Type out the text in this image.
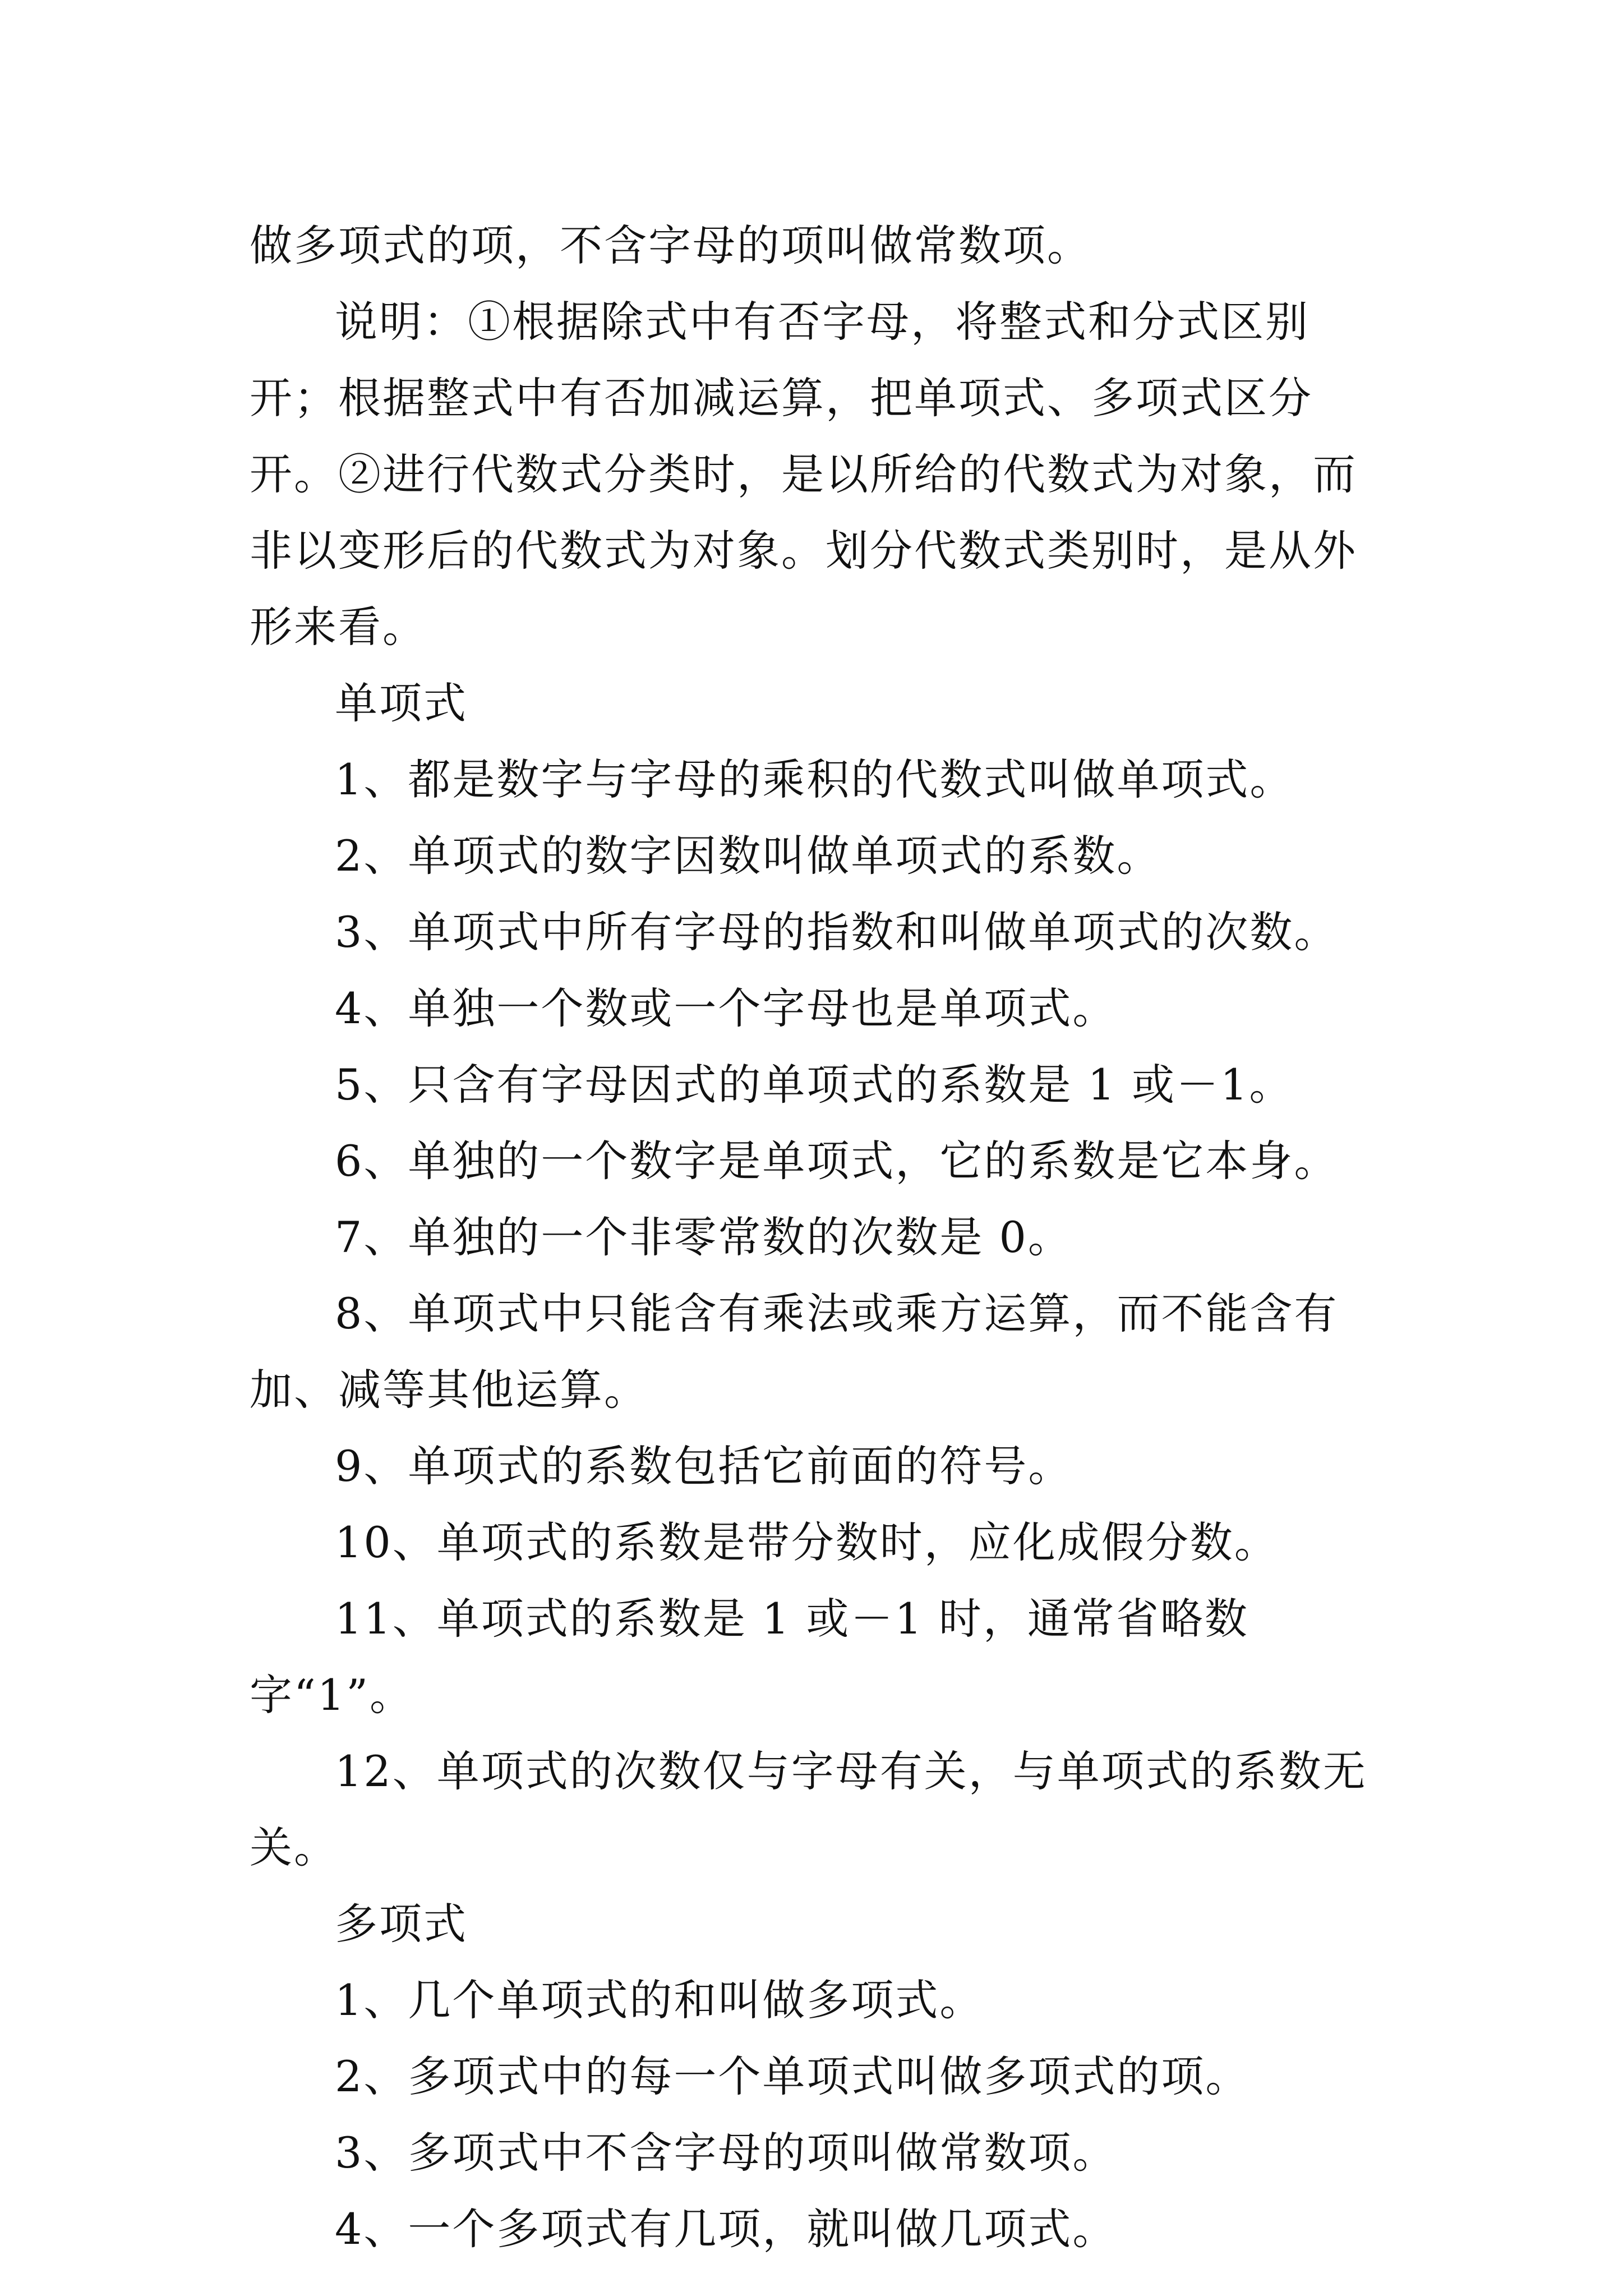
做多项式的项，不含字母的项叫做常数项。

说明：①根据除式中有否字母，将整式和分式区别开；根据整式中有否加减运算，把单项式、多项式区分开。②进行代数式分类时，是以所给的代数式为对象，而非以变形后的代数式为对象。划分代数式类别时，是从外形来看。

单项式

1、都是数字与字母的乘积的代数式叫做单项式。

2、单项式的数字因数叫做单项式的系数。

3、单项式中所有字母的指数和叫做单项式的次数。

4、单独一个数或一个字母也是单项式。

5、只含有字母因式的单项式的系数是 1 或－1。

6、单独的一个数字是单项式，它的系数是它本身。

7、单独的一个非零常数的次数是 0。

8、单项式中只能含有乘法或乘方运算，而不能含有加、减等其他运算。

9、单项式的系数包括它前面的符号。

10、单项式的系数是带分数时，应化成假分数。

11、单项式的系数是 1 或－1 时，通常省略数字“1”。

12、单项式的次数仅与字母有关，与单项式的系数无关。

多项式

1、几个单项式的和叫做多项式。

2、多项式中的每一个单项式叫做多项式的项。

3、多项式中不含字母的项叫做常数项。

4、一个多项式有几项，就叫做几项式。
